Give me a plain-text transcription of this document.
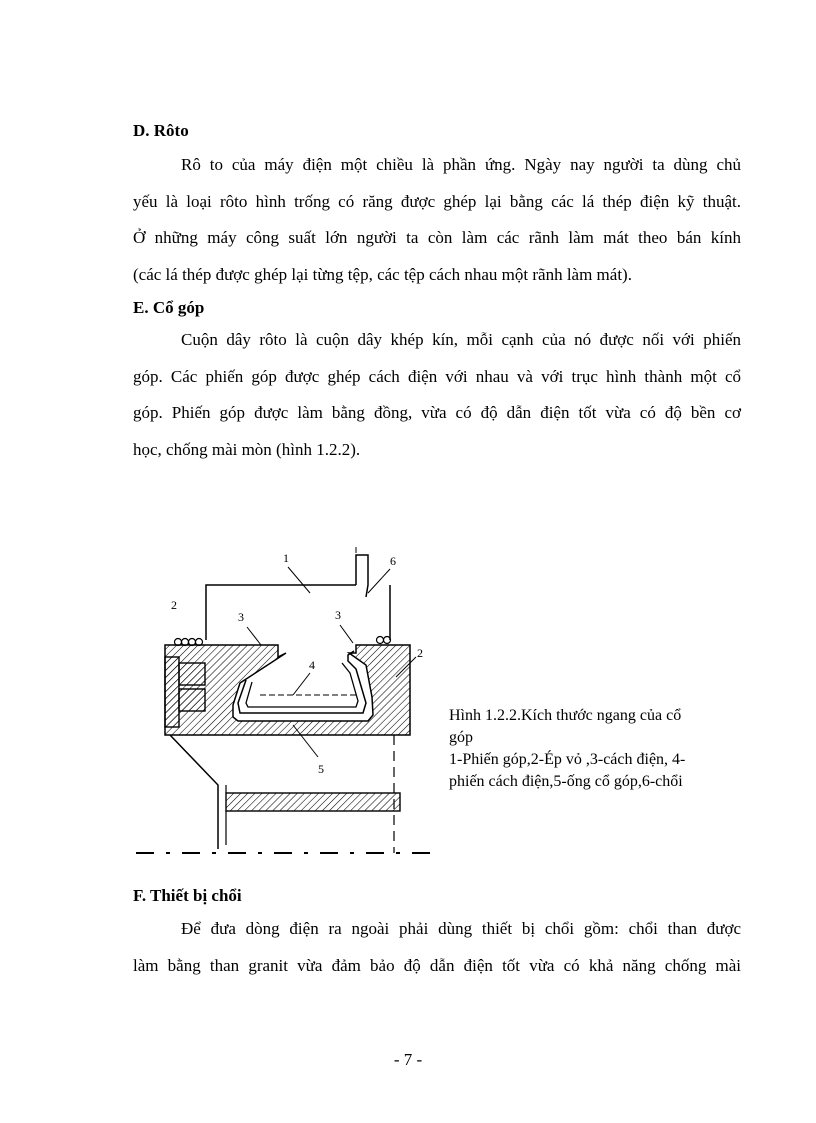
D. Rôto
Rô to của máy điện một chiều là phần ứng. Ngày nay người ta dùng chủ
yếu là loại rôto hình trống có răng được ghép lại bằng các lá thép điện kỹ thuật.
Ở những máy công suất lớn người ta còn làm các rãnh làm mát theo bán kính
(các lá thép được ghép lại từng tệp, các tệp cách nhau một rãnh làm mát).
E. Cổ góp
Cuộn dây rôto là cuộn dây khép kín, mỗi cạnh của nó được nối với phiến
góp. Các phiến góp được ghép cách điện với nhau và với trục hình thành một cổ
góp. Phiến góp được làm bằng đồng, vừa có độ dẫn điện tốt vừa có độ bền cơ
học, chống mài mòn (hình 1.2.2).
1	6
2
3	3
4
2
5
Hình 1.2.2.Kích thước ngang của cổ
góp
1-Phiến góp,2-Ép vỏ ,3-cách điện, 4-
phiến cách điện,5-ống cổ góp,6-chổi
F. Thiết bị chổi
Để đưa dòng điện ra ngoài phải dùng thiết bị chổi gồm: chổi than được
làm bằng than granit vừa đảm bảo độ dẫn điện tốt vừa có khả năng chống mài
- 7 -
